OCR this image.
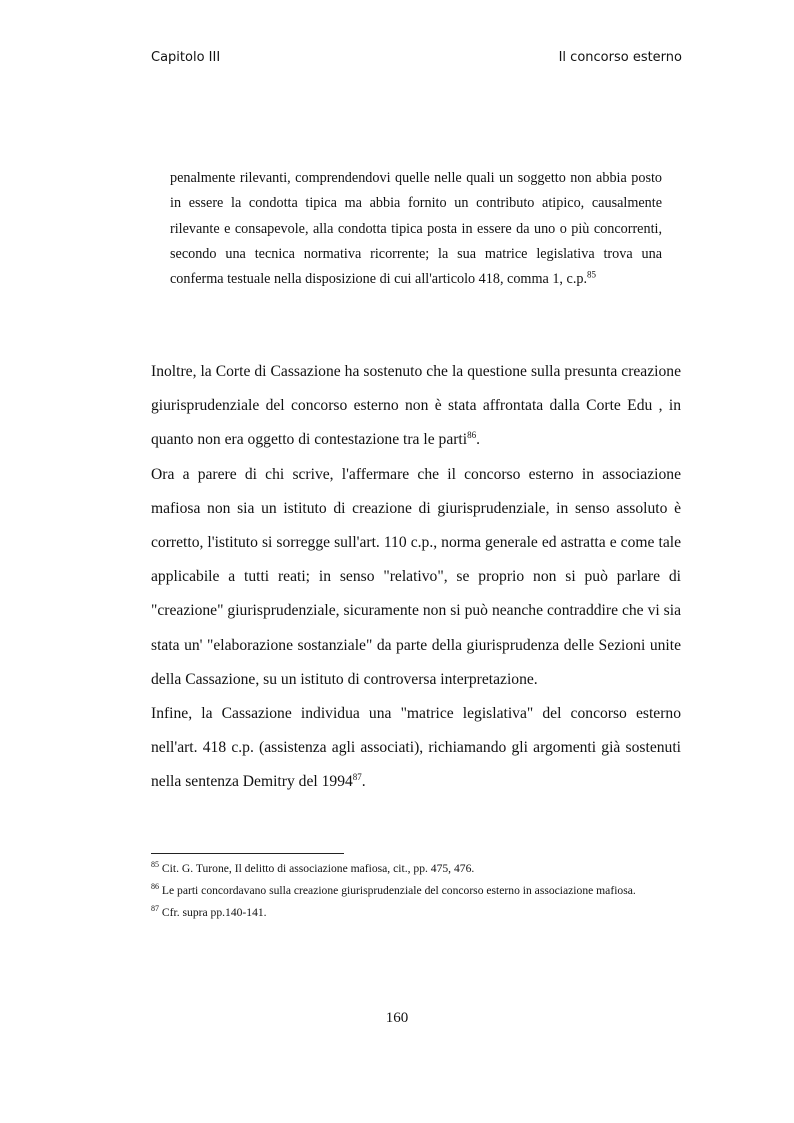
Capitolo III	Il concorso esterno

penalmente rilevanti, comprendendovi quelle nelle quali un soggetto non abbia posto in essere la condotta tipica ma abbia fornito un contributo atipico, causalmente rilevante e consapevole, alla condotta tipica posta in essere da uno o più concorrenti, secondo una tecnica normativa ricorrente; la sua matrice legislativa trova una conferma testuale nella disposizione di cui all'articolo 418, comma 1, c.p.$^{85}$

Inoltre, la Corte di Cassazione ha sostenuto che la questione sulla presunta creazione giurisprudenziale del concorso esterno non è stata affrontata dalla Corte Edu , in quanto non era oggetto di contestazione tra le parti$^{86}$.

Ora a parere di chi scrive, l'affermare che il concorso esterno in associazione mafiosa non sia un istituto di creazione di giurisprudenziale, in senso assoluto è corretto, l'istituto si sorregge sull'art. 110 c.p., norma generale ed astratta e come tale applicabile a tutti reati; in senso "relativo", se proprio non si può parlare di "creazione" giurisprudenziale, sicuramente non si può neanche contraddire che vi sia stata un' "elaborazione sostanziale" da parte della giurisprudenza delle Sezioni unite della Cassazione, su un istituto di controversa interpretazione.

Infine, la Cassazione individua una "matrice legislativa" del concorso esterno nell'art. 418 c.p. (assistenza agli associati), richiamando gli argomenti già sostenuti nella sentenza Demitry del 1994$^{87}$.

$^{85}$ Cit. G. Turone, Il delitto di associazione mafiosa, cit., pp. 475, 476.

$^{86}$ Le parti concordavano sulla creazione giurisprudenziale del concorso esterno in associazione mafiosa.

$^{87}$ Cfr. supra pp.140-141.

160
